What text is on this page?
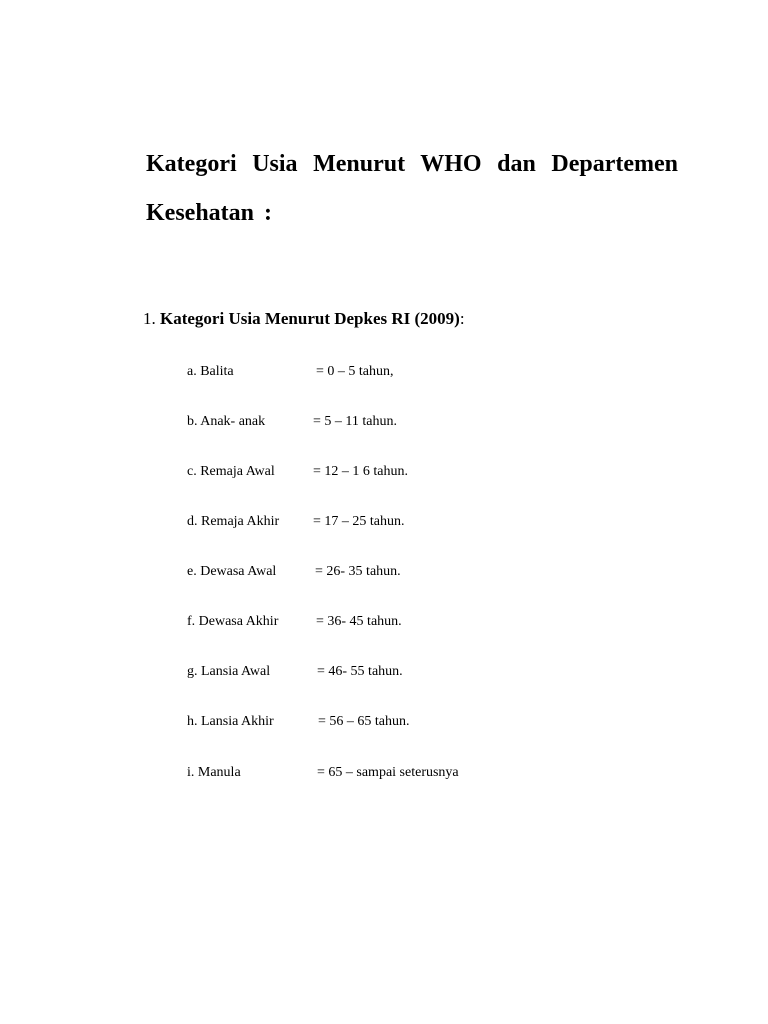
Kategori Usia Menurut WHO dan Departemen Kesehatan :

1. Kategori Usia Menurut Depkes RI (2009):

a. Balita	= 0 – 5 tahun,
b. Anak- anak	= 5 – 11 tahun.
c. Remaja Awal	= 12 – 1 6 tahun.
d. Remaja Akhir = 17 – 25 tahun.
e. Dewasa Awal	= 26- 35 tahun.
f. Dewasa Akhir	= 36- 45 tahun.
g. Lansia Awal	= 46- 55 tahun.
h. Lansia Akhir	= 56 – 65 tahun.
i. Manula	= 65 – sampai seterusnya
